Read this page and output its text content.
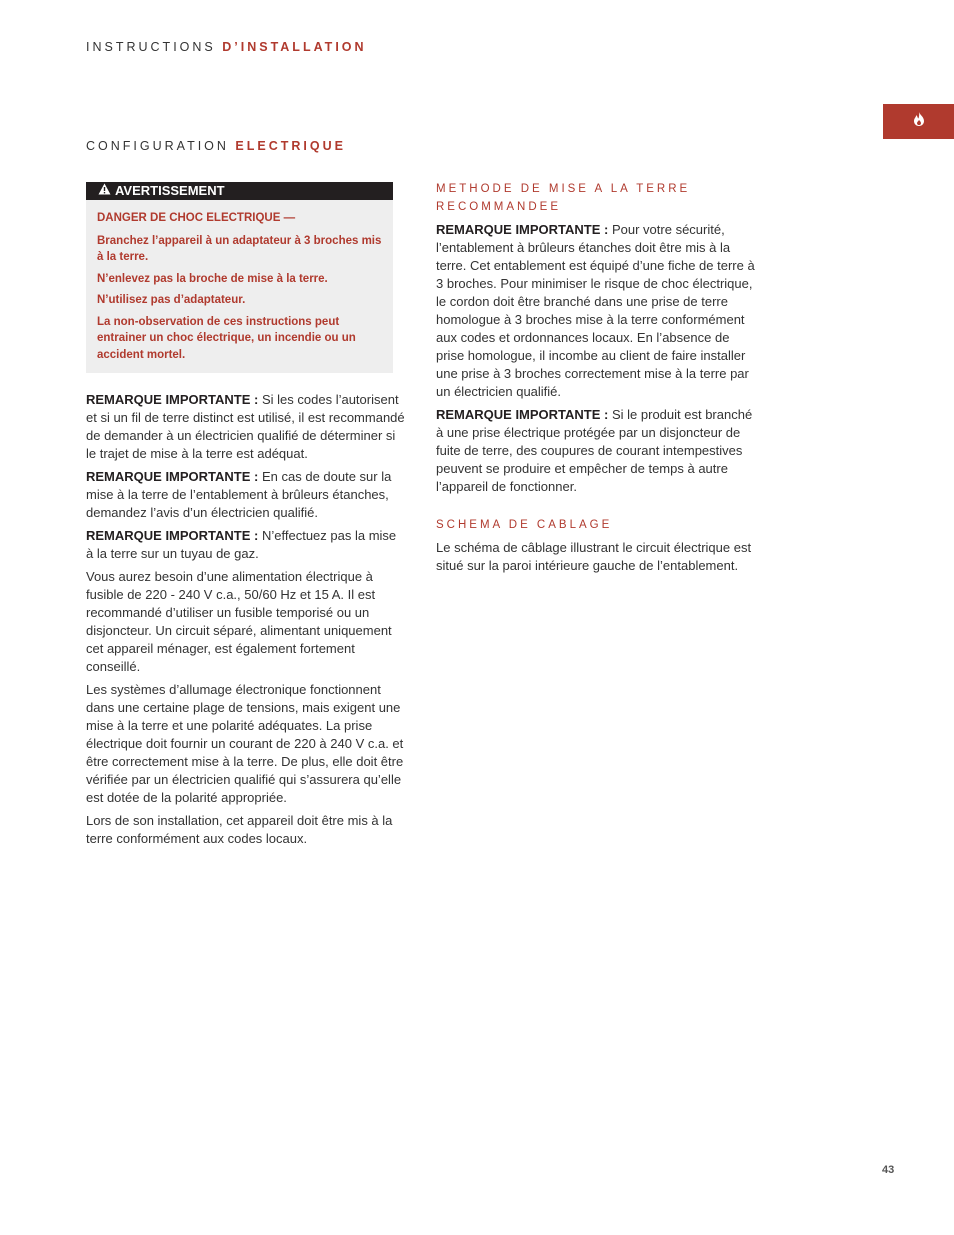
INSTRUCTIONS D’INSTALLATION
CONFIGURATION ELECTRIQUE
AVERTISSEMENT
DANGER DE CHOC ELECTRIQUE —
Branchez l’appareil à un adaptateur à 3 broches mis à la terre.
N’enlevez pas la broche de mise à la terre.
N’utilisez pas d’adaptateur.
La non-observation de ces instructions peut entrainer un choc électrique, un incendie ou un accident mortel.

REMARQUE IMPORTANTE : Si les codes l’autorisent et si un fil de terre distinct est utilisé, il est recommandé de demander à un électricien qualifié de déterminer si le trajet de mise à la terre est adéquat.

REMARQUE IMPORTANTE : En cas de doute sur la mise à la terre de l’entablement à brûleurs étanches, demandez l’avis d’un électricien qualifié.

REMARQUE IMPORTANTE : N’effectuez pas la mise à la terre sur un tuyau de gaz.

Vous aurez besoin d’une alimentation électrique à fusible de 220 - 240 V c.a., 50/60 Hz et 15 A. Il est recommandé d’utiliser un fusible temporisé ou un disjoncteur. Un circuit séparé, alimentant uniquement cet appareil ménager, est également fortement conseillé.

Les systèmes d’allumage électronique fonctionnent dans une certaine plage de tensions, mais exigent une mise à la terre et une polarité adéquates. La prise électrique doit fournir un courant de 220 à 240 V c.a. et être correctement mise à la terre. De plus, elle doit être vérifiée par un électricien qualifié qui s’assurera qu’elle est dotée de la polarité appropriée.

Lors de son installation, cet appareil doit être mis à la terre conformément aux codes locaux.

METHODE DE MISE A LA TERRE RECOMMANDEE

REMARQUE IMPORTANTE : Pour votre sécurité, l’entablement à brûleurs étanches doit être mis à la terre. Cet entablement est équipé d’une fiche de terre à 3 broches. Pour minimiser le risque de choc électrique, le cordon doit être branché dans une prise de terre homologue à 3 broches mise à la terre conformément aux codes et ordonnances locaux. En l’absence de prise homologue, il incombe au client de faire installer une prise à 3 broches correctement mise à la terre par un électricien qualifié.

REMARQUE IMPORTANTE : Si le produit est branché à une prise électrique protégée par un disjoncteur de fuite de terre, des coupures de courant intempestives peuvent se produire et empêcher de temps à autre l’appareil de fonctionner.

SCHEMA DE CABLAGE

Le schéma de câblage illustrant le circuit électrique est situé sur la paroi intérieure gauche de l’entablement.

43
